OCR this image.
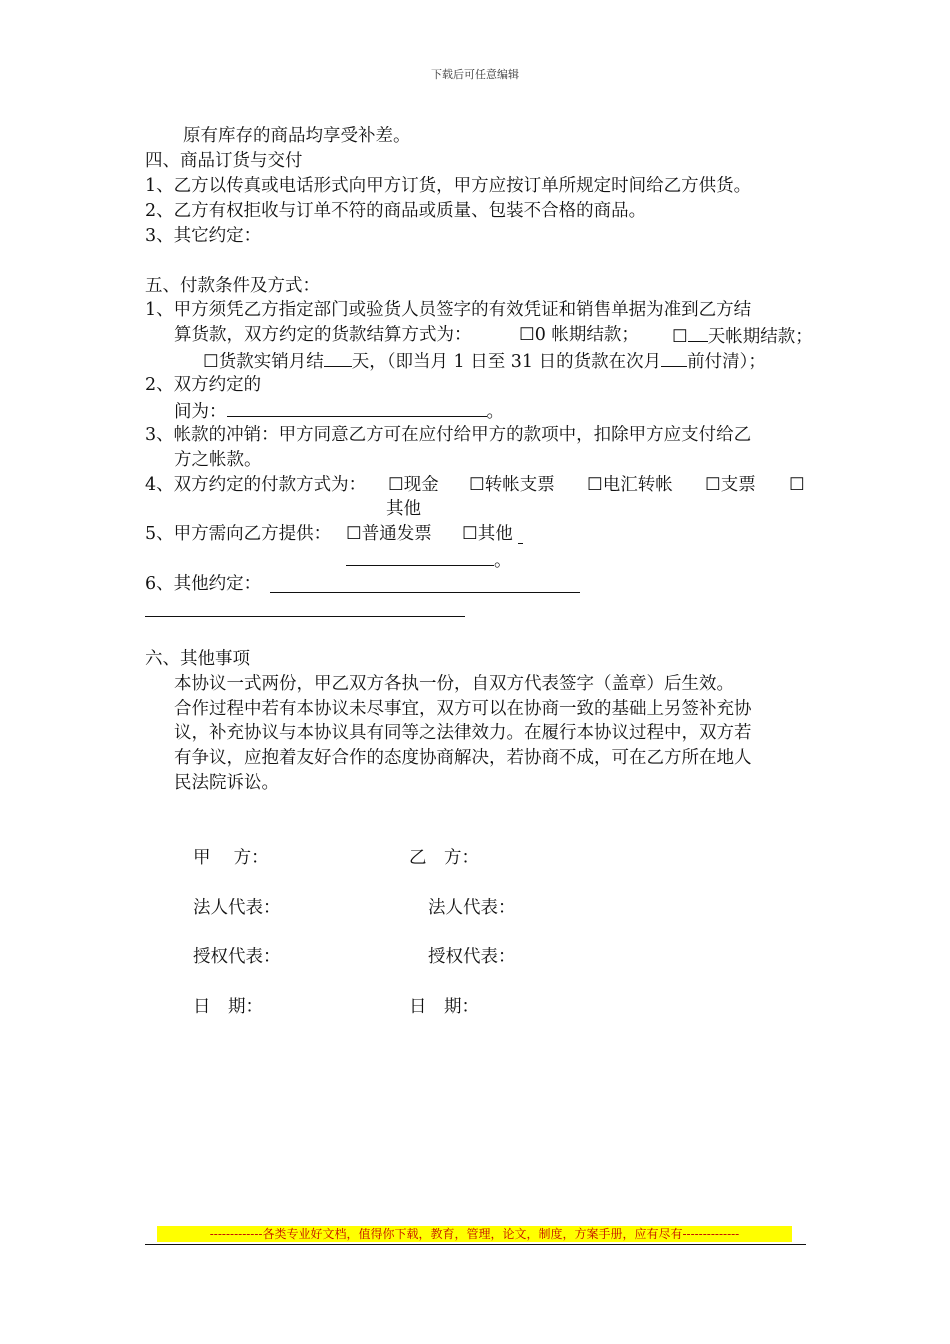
下载后可任意编辑
原有库存的商品均享受补差。
四、商品订货与交付
1、乙方以传真或电话形式向甲方订货，甲方应按订单所规定时间给乙方供货。
2、乙方有权拒收与订单不符的商品或质量、包装不合格的商品。
3、其它约定：
五、付款条件及方式：
1、甲方须凭乙方指定部门或验货人员签字的有效凭证和销售单据为准到乙方结
算货款，双方约定的货款结算方式为：	☐0 帐期结款； ☐ 天帐期结款；
☐货款实销月结 天，（即当月 1 日至 31 日的货款在次月 前付清）；
2、双方约定的
间为：	。
3、帐款的冲销：甲方同意乙方可在应付给甲方的款项中，扣除甲方应支付给乙
方之帐款。
4、双方约定的付款方式为： ☐现金 ☐转帐支票 ☐电汇转帐 ☐支票 ☐
其他
5、甲方需向乙方提供： ☐普通发票 ☐其他
。
6、其他约定：
六、其他事项
本协议一式两份，甲乙双方各执一份，自双方代表签字（盖章）后生效。
合作过程中若有本协议未尽事宜，双方可以在协商一致的基础上另签补充协
议，补充协议与本协议具有同等之法律效力。在履行本协议过程中，双方若
有争议，应抱着友好合作的态度协商解决，若协商不成，可在乙方所在地人
民法院诉讼。
甲　 方：	乙　方：
法人代表：	法人代表：
授权代表：	授权代表：
日　期：	日　期：
-------------各类专业好文档，值得你下载，教育，管理，论文，制度，方案手册，应有尽有--------------
